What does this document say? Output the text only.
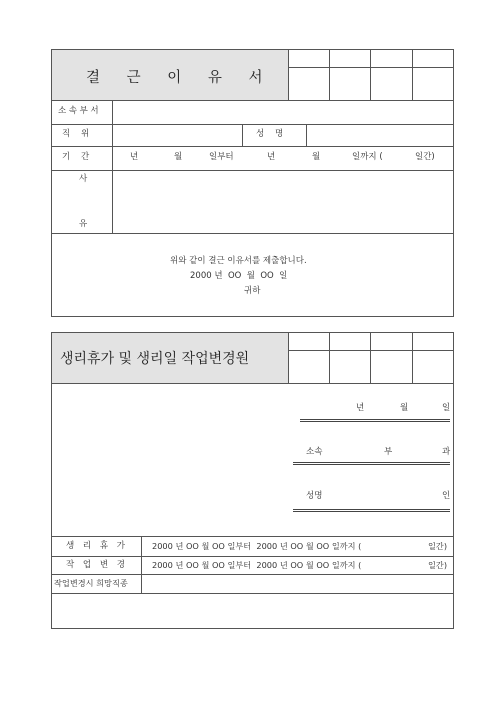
결 근 이 유 서
소속부서
직    위	성    명
기    간	년	월	일부터	년	월	일까지 (	일간)
사
유
위와 같이 결근 이유서를 제출합니다.
2000 년  OO  월  OO  일
귀하
생리휴가 및 생리일 작업변경원
년	월	일
소속	부	과
성명	인
생 리 휴 가	2000 년 OO 월 OO 일부터  2000 년 OO 월 OO 일까지 (	일간)
작 업 변 경	2000 년 OO 월 OO 일부터  2000 년 OO 월 OO 일까지 (	일간)
작업변경시 희망직종
